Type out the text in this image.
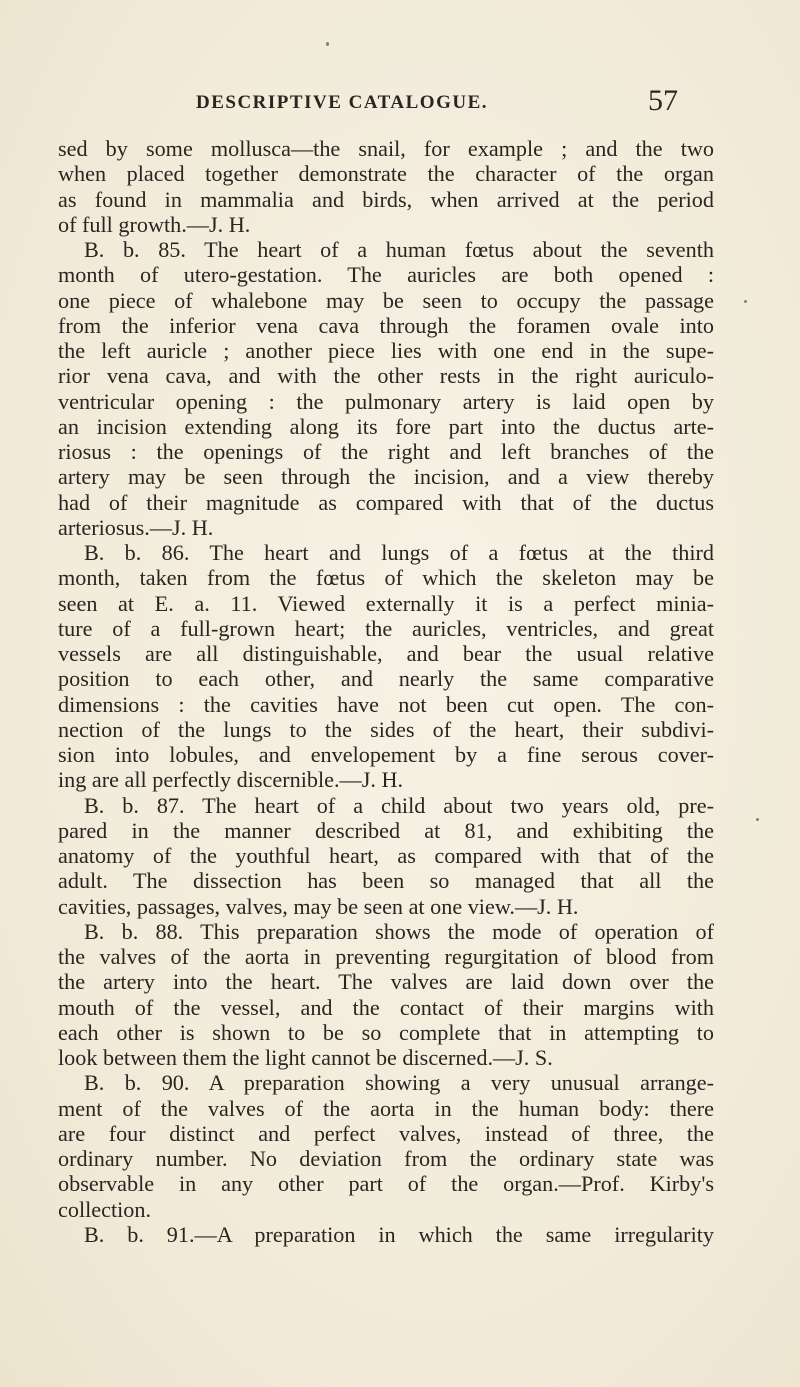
DESCRIPTIVE CATALOGUE.	57
sed by some mollusca—the snail, for example ; and the two
when placed together demonstrate the character of the organ
as found in mammalia and birds, when arrived at the period
of full growth.—J. H.
B. b. 85. The heart of a human fœtus about the seventh
month of utero-gestation. The auricles are both opened :
one piece of whalebone may be seen to occupy the passage
from the inferior vena cava through the foramen ovale into
the left auricle ; another piece lies with one end in the supe-
rior vena cava, and with the other rests in the right auriculo-
ventricular opening : the pulmonary artery is laid open by
an incision extending along its fore part into the ductus arte-
riosus : the openings of the right and left branches of the
artery may be seen through the incision, and a view thereby
had of their magnitude as compared with that of the ductus
arteriosus.—J. H.
B. b. 86. The heart and lungs of a fœtus at the third
month, taken from the fœtus of which the skeleton may be
seen at E. a. 11. Viewed externally it is a perfect minia-
ture of a full-grown heart; the auricles, ventricles, and great
vessels are all distinguishable, and bear the usual relative
position to each other, and nearly the same comparative
dimensions : the cavities have not been cut open. The con-
nection of the lungs to the sides of the heart, their subdivi-
sion into lobules, and envelopement by a fine serous cover-
ing are all perfectly discernible.—J. H.
B. b. 87. The heart of a child about two years old, pre-
pared in the manner described at 81, and exhibiting the
anatomy of the youthful heart, as compared with that of the
adult. The dissection has been so managed that all the
cavities, passages, valves, may be seen at one view.—J. H.
B. b. 88. This preparation shows the mode of operation of
the valves of the aorta in preventing regurgitation of blood from
the artery into the heart. The valves are laid down over the
mouth of the vessel, and the contact of their margins with
each other is shown to be so complete that in attempting to
look between them the light cannot be discerned.—J. S.
B. b. 90. A preparation showing a very unusual arrange-
ment of the valves of the aorta in the human body: there
are four distinct and perfect valves, instead of three, the
ordinary number. No deviation from the ordinary state was
observable in any other part of the organ.—Prof. Kirby's
collection.
B. b. 91.—A preparation in which the same irregularity
